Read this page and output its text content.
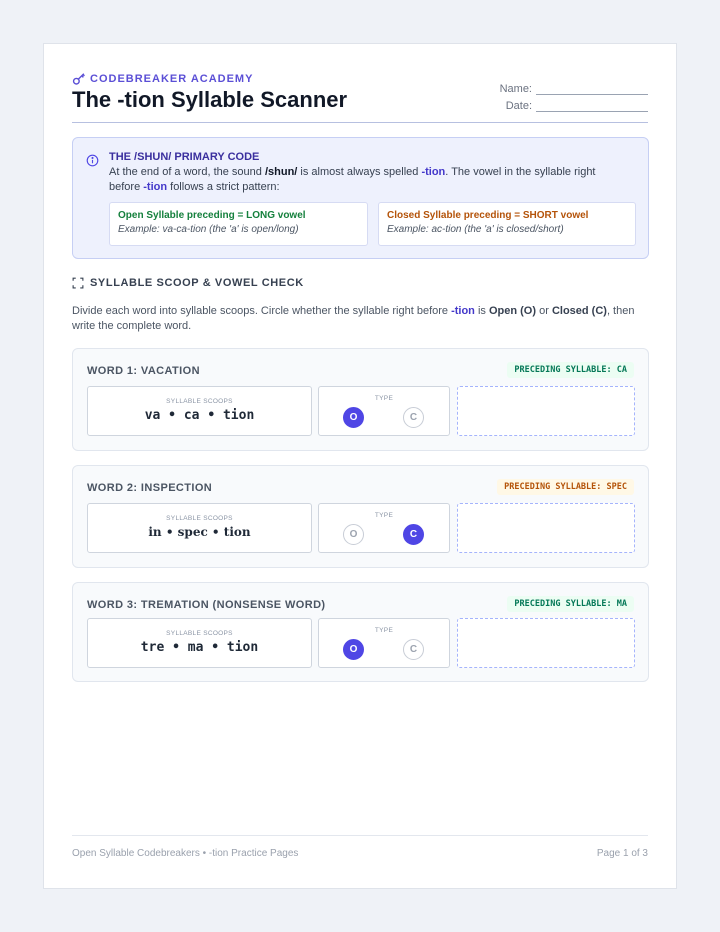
CODEBREAKER ACADEMY
The -tion Syllable Scanner	Name:
Date:
THE /SHUN/ PRIMARY CODE
At the end of a word, the sound /shun/ is almost always spelled -tion. The vowel in the syllable right before -tion follows a strict pattern:
Open Syllable preceding = LONG vowel
Example: va-ca-tion (the 'a' is open/long)
Closed Syllable preceding = SHORT vowel
Example: ac-tion (the 'a' is closed/short)
SYLLABLE SCOOP & VOWEL CHECK
Divide each word into syllable scoops. Circle whether the syllable right before -tion is Open (O) or Closed (C), then write the complete word.
WORD 1: VACATION	PRECEDING SYLLABLE: CA
SYLLABLE SCOOPS
va • ca • tion
TYPE
O	C
WORD 2: INSPECTION	PRECEDING SYLLABLE: SPEC
SYLLABLE SCOOPS
in • spec • tion
TYPE
O	C
WORD 3: TREMATION (NONSENSE WORD)	PRECEDING SYLLABLE: MA
SYLLABLE SCOOPS
tre • ma • tion
TYPE
O	C
Open Syllable Codebreakers • -tion Practice Pages	Page 1 of 3
